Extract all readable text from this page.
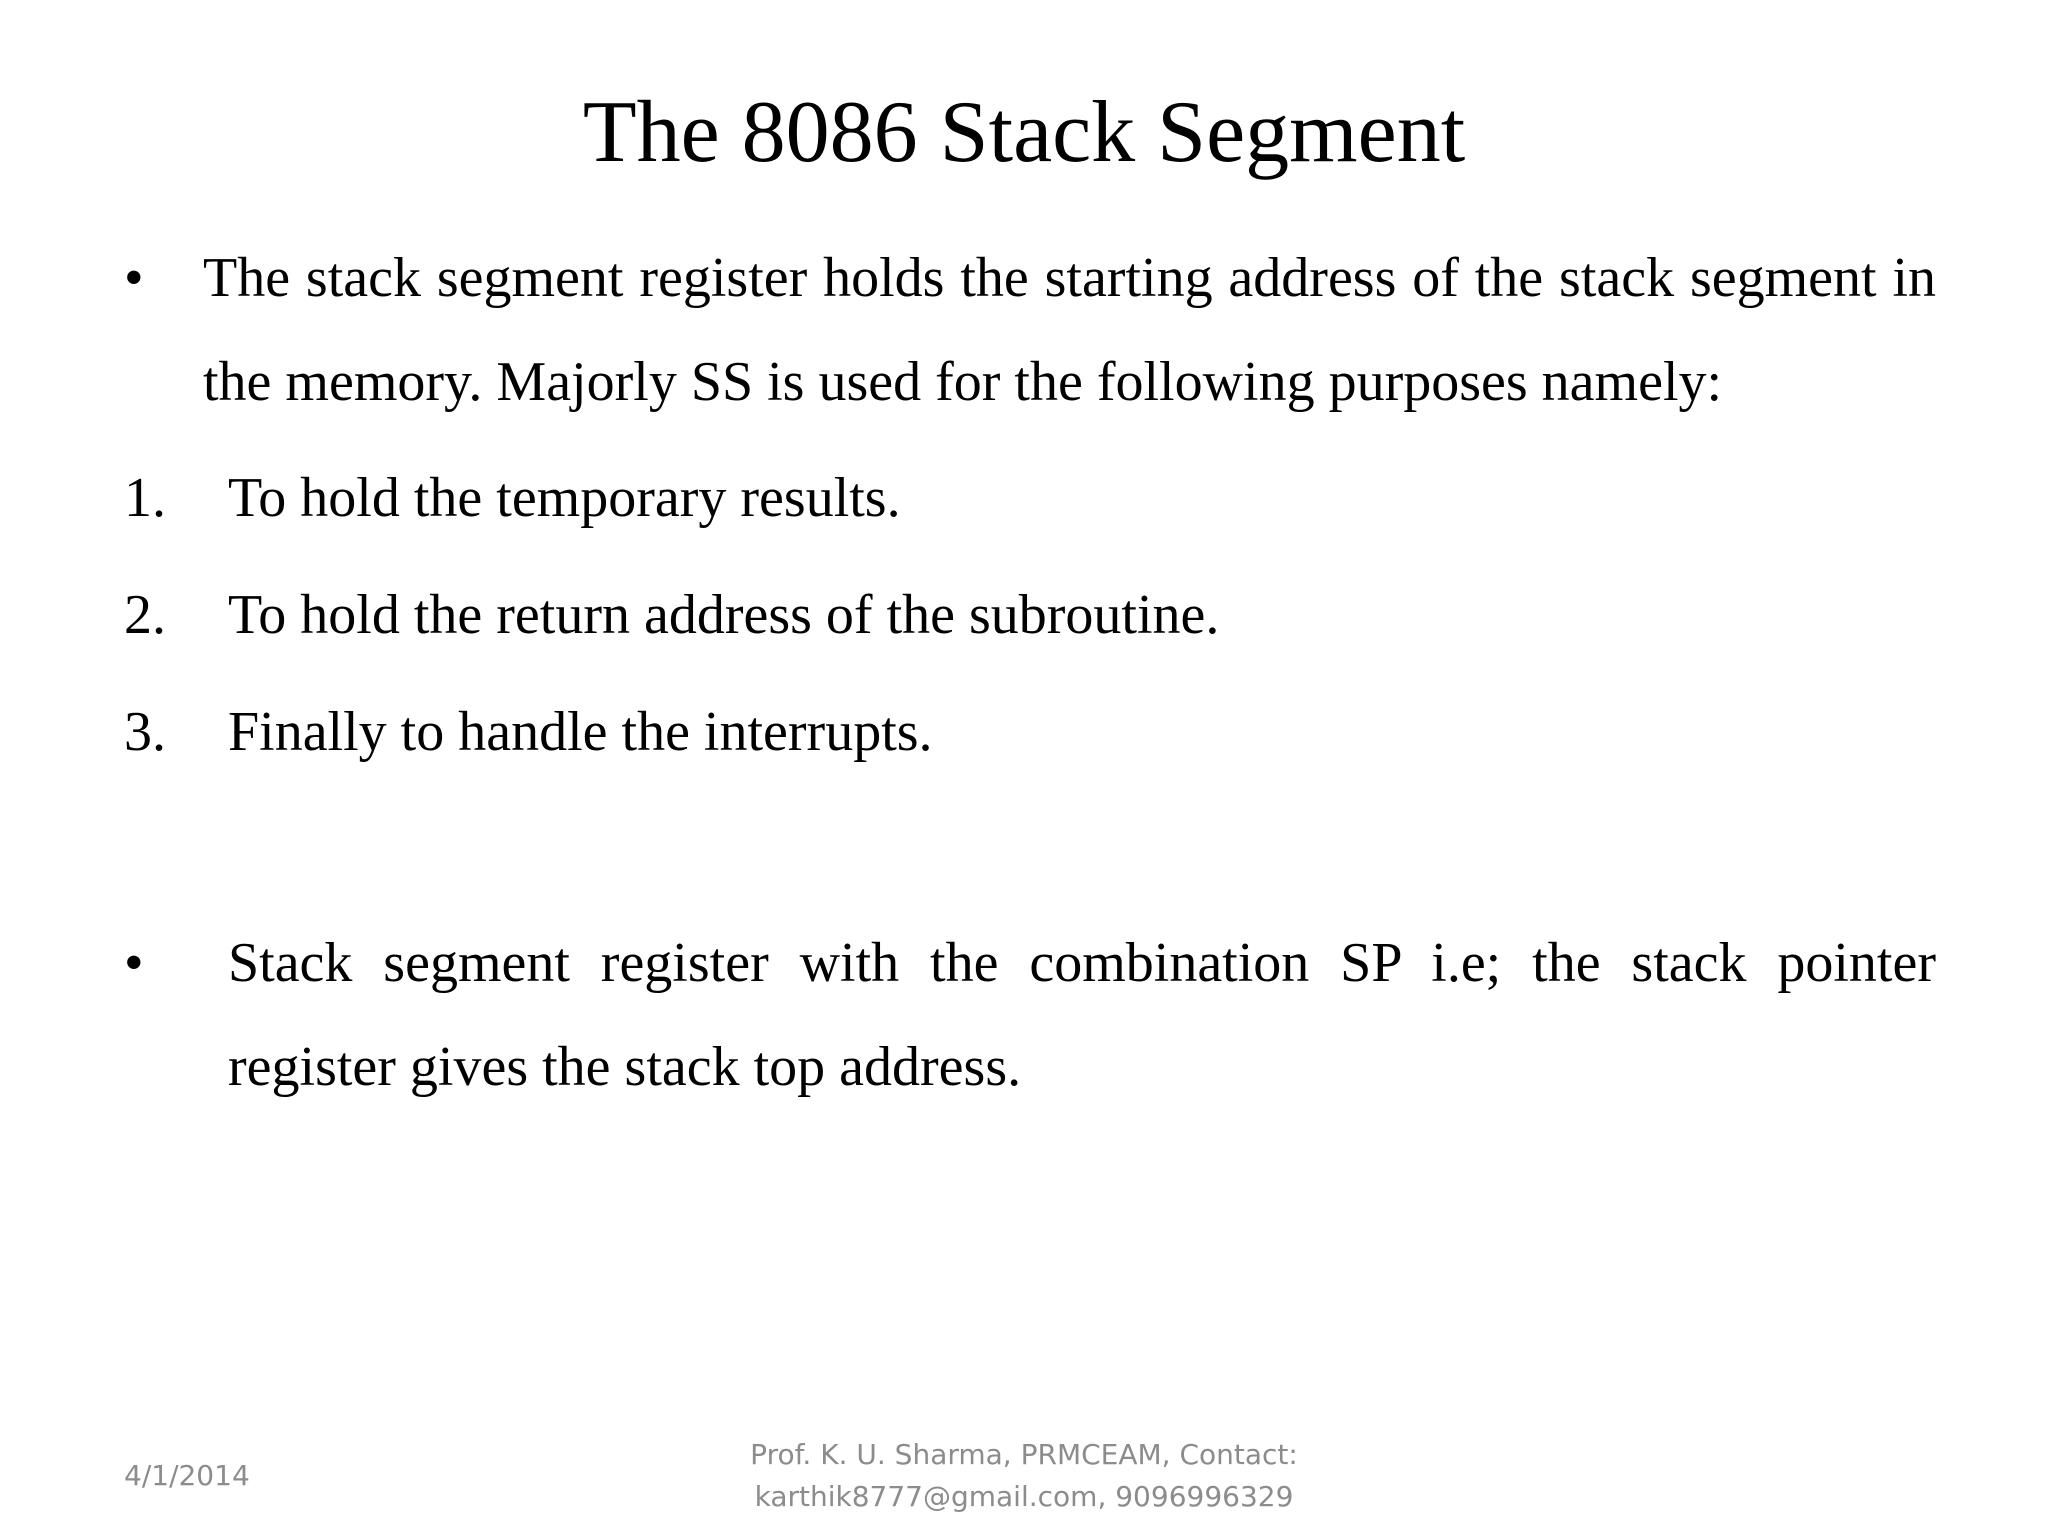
The 8086 Stack Segment
• The stack segment register holds the starting address of the stack segment in the memory. Majorly SS is used for the following purposes namely:
1. To hold the temporary results.
2. To hold the return address of the subroutine.
3. Finally to handle the interrupts.
• Stack segment register with the combination SP i.e; the stack pointer register gives the stack top address.
4/1/2014
Prof. K. U. Sharma, PRMCEAM, Contact:
karthik8777@gmail.com, 9096996329
